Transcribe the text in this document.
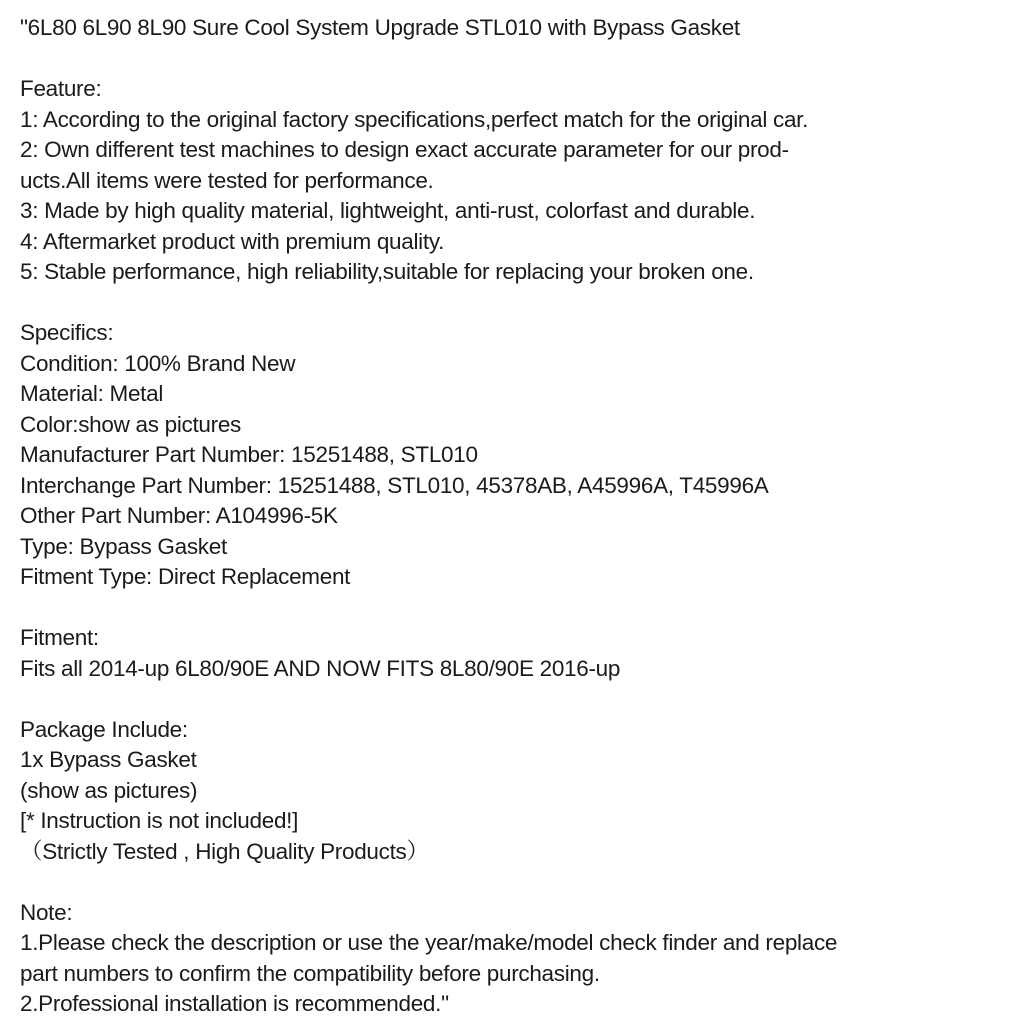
"6L80 6L90 8L90 Sure Cool System Upgrade STL010 with Bypass Gasket

Feature:

1: According to the original factory specifications,perfect match for the original car.

2: Own different test machines to design exact accurate parameter for our prod-

ucts.All items were tested for performance.

3: Made by high quality material, lightweight, anti-rust, colorfast and durable.

4: Aftermarket product with premium quality.

5: Stable performance, high reliability,suitable for replacing your broken one.

Specifics:

Condition: 100% Brand New

Material: Metal

Color:show as pictures

Manufacturer Part Number: 15251488, STL010

Interchange Part Number: 15251488, STL010, 45378AB, A45996A, T45996A

Other Part Number: A104996-5K

Type: Bypass Gasket

Fitment Type: Direct Replacement

Fitment:

Fits all 2014-up 6L80/90E AND NOW FITS 8L80/90E 2016-up

Package Include:

1x Bypass Gasket

(show as pictures)

[* Instruction is not included!]

（Strictly Tested , High Quality Products）

Note:

1.Please check the description or use the year/make/model check finder and replace

part numbers to confirm the compatibility before purchasing.

2.Professional installation is recommended."
